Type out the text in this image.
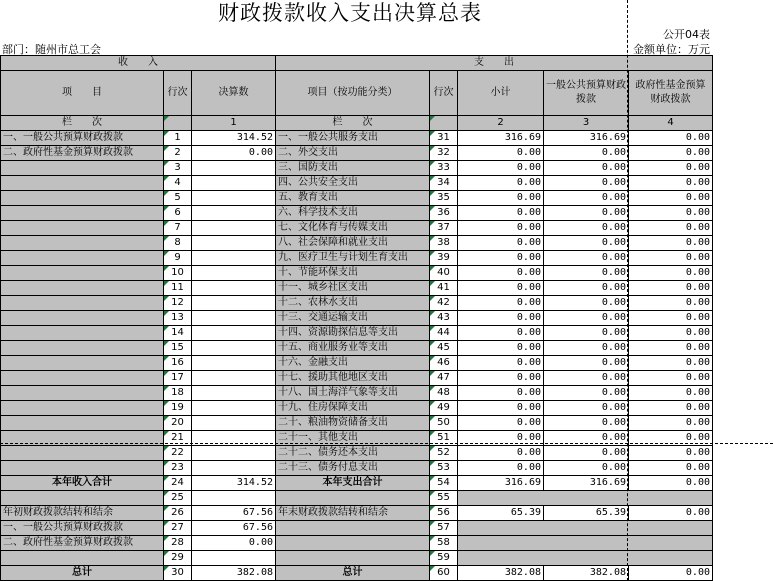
财政拨款收入支出决算总表
公开04表
部门：随州市总工会	金额单位：万元
收　　入			支　　出				
项　　目	行次	决算数	项目（按功能分类）	行次	小计	一般公共预算财政拨款	政府性基金预算财政拨款
栏　　次		1	栏　　次		2	3	4
一、一般公共预算财政拨款	1	314.52	一、一般公共服务支出	31	316.69	316.69	0.00
二、政府性基金预算财政拨款	2	0.00	二、外交支出	32	0.00	0.00	0.00
	3		三、国防支出	33	0.00	0.00	0.00
	4		四、公共安全支出	34	0.00	0.00	0.00
	5		五、教育支出	35	0.00	0.00	0.00
	6		六、科学技术支出	36	0.00	0.00	0.00
	7		七、文化体育与传媒支出	37	0.00	0.00	0.00
	8		八、社会保障和就业支出	38	0.00	0.00	0.00
	9		九、医疗卫生与计划生育支出	39	0.00	0.00	0.00
	10		十、节能环保支出	40	0.00	0.00	0.00
	11		十一、城乡社区支出	41	0.00	0.00	0.00
	12		十二、农林水支出	42	0.00	0.00	0.00
	13		十三、交通运输支出	43	0.00	0.00	0.00
	14		十四、资源勘探信息等支出	44	0.00	0.00	0.00
	15		十五、商业服务业等支出	45	0.00	0.00	0.00
	16		十六、金融支出	46	0.00	0.00	0.00
	17		十七、援助其他地区支出	47	0.00	0.00	0.00
	18		十八、国土海洋气象等支出	48	0.00	0.00	0.00
	19		十九、住房保障支出	49	0.00	0.00	0.00
	20		二十、粮油物资储备支出	50	0.00	0.00	0.00
	21		二十一、其他支出	51	0.00	0.00	0.00
	22		二十二、债务还本支出	52	0.00	0.00	0.00
	23		二十三、债务付息支出	53	0.00	0.00	0.00
本年收入合计	24	314.52	本年支出合计	54	316.69	316.69	0.00
	25			55			
年初财政拨款结转和结余	26	67.56	年末财政拨款结转和结余	56	65.39	65.39	0.00
一、一般公共预算财政拨款	27	67.56		57			
二、政府性基金预算财政拨款	28	0.00		58			
	29			59			
总计	30	382.08	总计	60	382.08	382.08	0.00
